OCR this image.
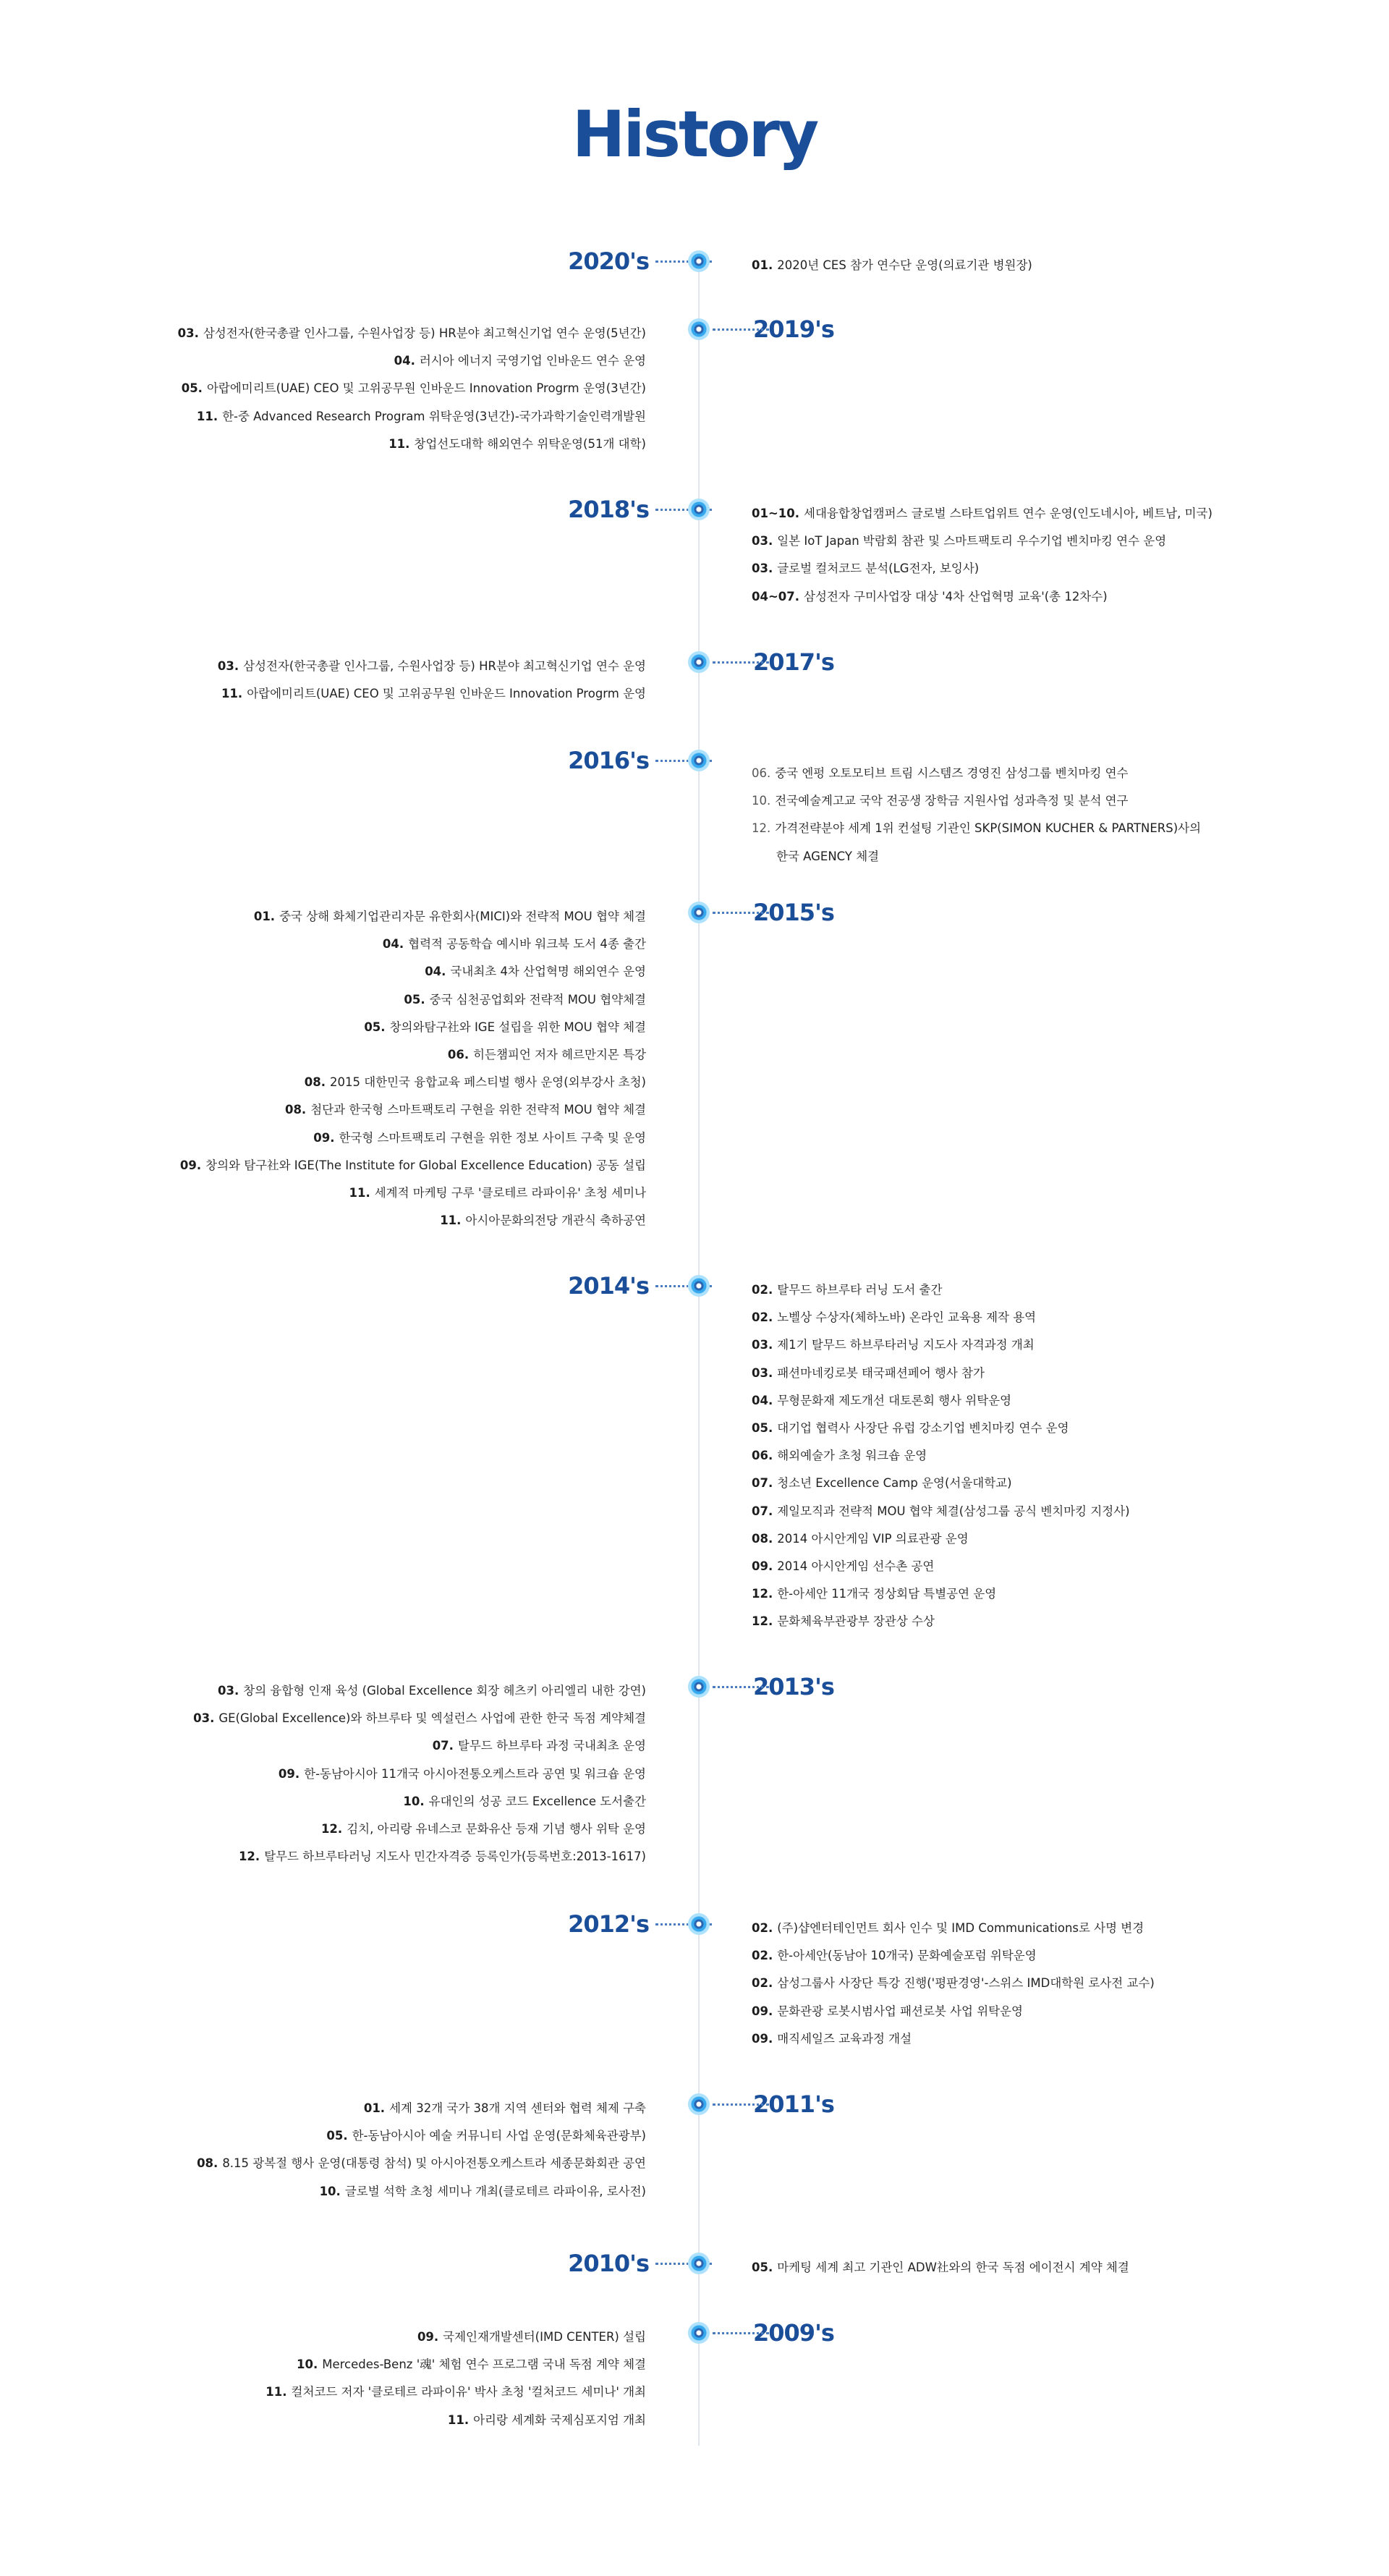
History
2020's	01. 2020년 CES 참가 연수단 운영(의료기관 병원장)
2019's
03. 삼성전자(한국총괄 인사그룹, 수원사업장 등) HR분야 최고혁신기업 연수 운영(5년간)
04. 러시아 에너지 국영기업 인바운드 연수 운영
05. 아랍에미리트(UAE) CEO 및 고위공무원 인바운드 Innovation Progrm 운영(3년간)
11. 한-중 Advanced Research Program 위탁운영(3년간)-국가과학기술인력개발원
11. 창업선도대학 해외연수 위탁운영(51개 대학)
2018's	01~10. 세대융합창업캠퍼스 글로벌 스타트업위트 연수 운영(인도네시아, 베트남, 미국)
03. 일본 IoT Japan 박람회 참관 및 스마트팩토리 우수기업 벤치마킹 연수 운영
03. 글로벌 컬처코드 분석(LG전자, 보잉사)
04~07. 삼성전자 구미사업장 대상 '4차 산업혁명 교육'(총 12차수)
2017's
03. 삼성전자(한국총괄 인사그룹, 수원사업장 등) HR분야 최고혁신기업 연수 운영
11. 아랍에미리트(UAE) CEO 및 고위공무원 인바운드 Innovation Progrm 운영
2016's	06. 중국 엔펑 오토모티브 트림 시스템즈 경영진 삼성그룹 벤치마킹 연수
10. 전국예술계고교 국악 전공생 장학금 지원사업 성과측정 및 분석 연구
12. 가격전략분야 세계 1위 컨설팅 기관인 SKP(SIMON KUCHER & PARTNERS)사의
한국 AGENCY 체결
2015's
01. 중국 상해 화체기업관리자문 유한회사(MICI)와 전략적 MOU 협약 체결
04. 협력적 공동학습 예시바 워크북 도서 4종 출간
04. 국내최초 4차 산업혁명 해외연수 운영
05. 중국 심천공업회와 전략적 MOU 협약체결
05. 창의와탐구社와 IGE 설립을 위한 MOU 협약 체결
06. 히든챔피언 저자 헤르만지몬 특강
08. 2015 대한민국 융합교육 페스티벌 행사 운영(외부강사 초청)
08. 첨단과 한국형 스마트팩토리 구현을 위한 전략적 MOU 협약 체결
09. 한국형 스마트팩토리 구현을 위한 정보 사이트 구축 및 운영
09. 창의와 탐구社와 IGE(The Institute for Global Excellence Education) 공동 설립
11. 세계적 마케팅 구루 '클로테르 라파이유' 초청 세미나
11. 아시아문화의전당 개관식 축하공연
2014's	02. 탈무드 하브루타 러닝 도서 출간
02. 노벨상 수상자(체하노바) 온라인 교육용 제작 용역
03. 제1기 탈무드 하브루타러닝 지도사 자격과정 개최
03. 패션마네킹로봇 태국패션페어 행사 참가
04. 무형문화재 제도개선 대토론회 행사 위탁운영
05. 대기업 협력사 사장단 유럽 강소기업 벤치마킹 연수 운영
06. 해외예술가 초청 워크숍 운영
07. 청소년 Excellence Camp 운영(서울대학교)
07. 제일모직과 전략적 MOU 협약 체결(삼성그룹 공식 벤치마킹 지정사)
08. 2014 아시안게임 VIP 의료관광 운영
09. 2014 아시안게임 선수촌 공연
12. 한-아세안 11개국 정상회담 특별공연 운영
12. 문화체육부관광부 장관상 수상
2013's
03. 창의 융합형 인재 육성 (Global Excellence 회장 헤츠키 아리엘리 내한 강연)
03. GE(Global Excellence)와 하브루타 및 엑설런스 사업에 관한 한국 독점 계약체결
07. 탈무드 하브루타 과정 국내최초 운영
09. 한-동남아시아 11개국 아시아전통오케스트라 공연 및 워크숍 운영
10. 유대인의 성공 코드 Excellence 도서출간
12. 김치, 아리랑 유네스코 문화유산 등재 기념 행사 위탁 운영
12. 탈무드 하브루타러닝 지도사 민간자격증 등록인가(등록번호:2013-1617)
2012's	02. (주)샵엔터테인먼트 회사 인수 및 IMD Communications로 사명 변경
02. 한-아세안(동남아 10개국) 문화예술포럼 위탁운영
02. 삼성그룹사 사장단 특강 진행('평판경영'-스위스 IMD대학원 로사전 교수)
09. 문화관광 로봇시범사업 패션로봇 사업 위탁운영
09. 매직세일즈 교육과정 개설
2011's
01. 세계 32개 국가 38개 지역 센터와 협력 체제 구축
05. 한-동남아시아 예술 커뮤니티 사업 운영(문화체육관광부)
08. 8.15 광복절 행사 운영(대통령 참석) 및 아시아전통오케스트라 세종문화회관 공연
10. 글로벌 석학 초청 세미나 개최(클로테르 라파이유, 로사전)
2010's	05. 마케팅 세계 최고 기관인 ADW社와의 한국 독점 에이전시 계약 체결
2009's
09. 국제인재개발센터(IMD CENTER) 설립
10. Mercedes-Benz '魂' 체험 연수 프로그램 국내 독점 계약 체결
11. 컬처코드 저자 '클로테르 라파이유' 박사 초청 '컬처코드 세미나' 개최
11. 아리랑 세계화 국제심포지엄 개최
